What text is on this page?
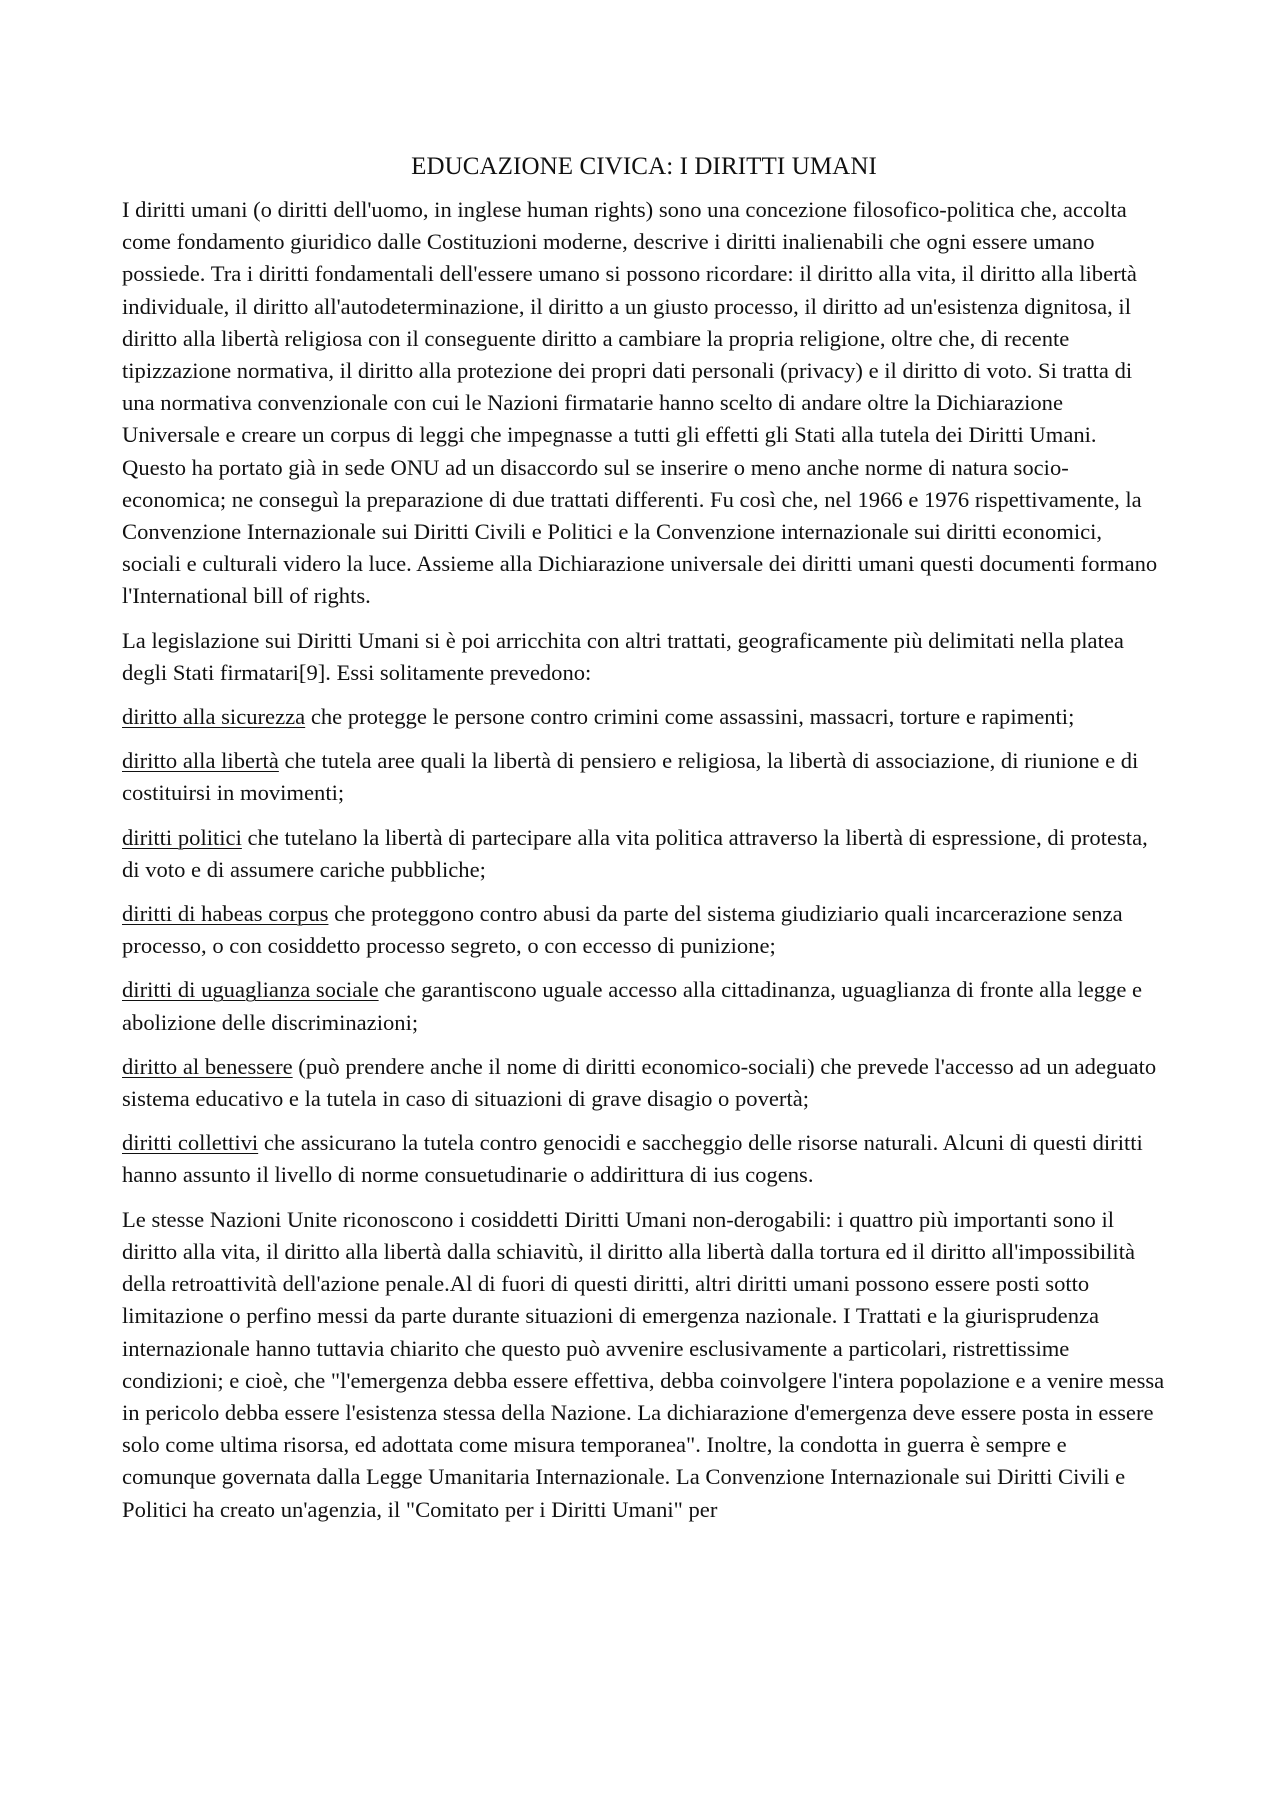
EDUCAZIONE CIVICA: I DIRITTI UMANI

I diritti umani (o diritti dell'uomo, in inglese human rights) sono una concezione filosofico-politica che, accolta come fondamento giuridico dalle Costituzioni moderne, descrive i diritti inalienabili che ogni essere umano possiede. Tra i diritti fondamentali dell'essere umano si possono ricordare: il diritto alla vita, il diritto alla libertà individuale, il diritto all'autodeterminazione, il diritto a un giusto processo, il diritto ad un'esistenza dignitosa, il diritto alla libertà religiosa con il conseguente diritto a cambiare la propria religione, oltre che, di recente tipizzazione normativa, il diritto alla protezione dei propri dati personali (privacy) e il diritto di voto. Si tratta di una normativa convenzionale con cui le Nazioni firmatarie hanno scelto di andare oltre la Dichiarazione Universale e creare un corpus di leggi che impegnasse a tutti gli effetti gli Stati alla tutela dei Diritti Umani. Questo ha portato già in sede ONU ad un disaccordo sul se inserire o meno anche norme di natura socio-economica; ne conseguì la preparazione di due trattati differenti. Fu così che, nel 1966 e 1976 rispettivamente, la Convenzione Internazionale sui Diritti Civili e Politici e la Convenzione internazionale sui diritti economici, sociali e culturali videro la luce. Assieme alla Dichiarazione universale dei diritti umani questi documenti formano l'International bill of rights.

La legislazione sui Diritti Umani si è poi arricchita con altri trattati, geograficamente più delimitati nella platea degli Stati firmatari[9]. Essi solitamente prevedono:

diritto alla sicurezza che protegge le persone contro crimini come assassini, massacri, torture e rapimenti;

diritto alla libertà che tutela aree quali la libertà di pensiero e religiosa, la libertà di associazione, di riunione e di costituirsi in movimenti;

diritti politici che tutelano la libertà di partecipare alla vita politica attraverso la libertà di espressione, di protesta, di voto e di assumere cariche pubbliche;

diritti di habeas corpus che proteggono contro abusi da parte del sistema giudiziario quali incarcerazione senza processo, o con cosiddetto processo segreto, o con eccesso di punizione;

diritti di uguaglianza sociale che garantiscono uguale accesso alla cittadinanza, uguaglianza di fronte alla legge e abolizione delle discriminazioni;

diritto al benessere (può prendere anche il nome di diritti economico-sociali) che prevede l'accesso ad un adeguato sistema educativo e la tutela in caso di situazioni di grave disagio o povertà;

diritti collettivi che assicurano la tutela contro genocidi e saccheggio delle risorse naturali. Alcuni di questi diritti hanno assunto il livello di norme consuetudinarie o addirittura di ius cogens.

Le stesse Nazioni Unite riconoscono i cosiddetti Diritti Umani non-derogabili: i quattro più importanti sono il diritto alla vita, il diritto alla libertà dalla schiavitù, il diritto alla libertà dalla tortura ed il diritto all'impossibilità della retroattività dell'azione penale.Al di fuori di questi diritti, altri diritti umani possono essere posti sotto limitazione o perfino messi da parte durante situazioni di emergenza nazionale. I Trattati e la giurisprudenza internazionale hanno tuttavia chiarito che questo può avvenire esclusivamente a particolari, ristrettissime condizioni; e cioè, che "l'emergenza debba essere effettiva, debba coinvolgere l'intera popolazione e a venire messa in pericolo debba essere l'esistenza stessa della Nazione. La dichiarazione d'emergenza deve essere posta in essere solo come ultima risorsa, ed adottata come misura temporanea". Inoltre, la condotta in guerra è sempre e comunque governata dalla Legge Umanitaria Internazionale. La Convenzione Internazionale sui Diritti Civili e Politici ha creato un'agenzia, il "Comitato per i Diritti Umani" per
